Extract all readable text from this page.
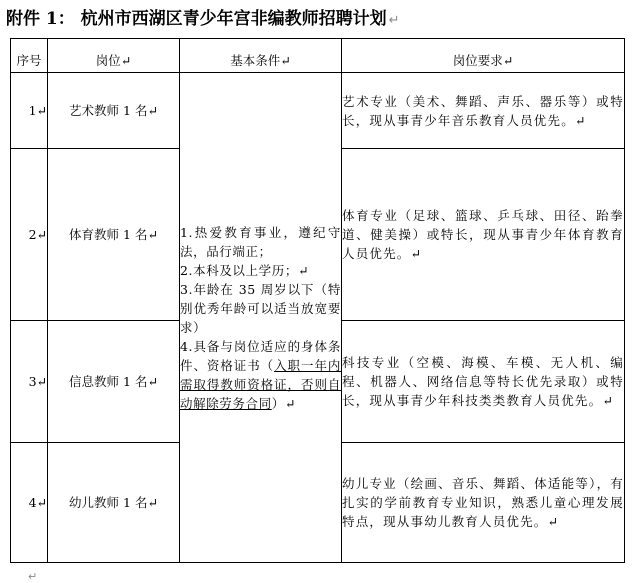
附件 1： 杭州市西湖区青少年宫非编教师招聘计划 ↵
序号	岗位↵	基本条件↵	岗位要求↵
1↵	艺术教师 1 名↵	1.热爱教育事业，遵纪守法，品行端正；

2.本科及以上学历；↵

3.年龄在 35 周岁以下（特别优秀年龄可以适当放宽要求）

4.具备与岗位适应的身体条件、资格证书（入职一年内需取得教师资格证，否则自动解除劳务合同）↵	艺术专业（美术、舞蹈、声乐、器乐等）或特长，现从事青少年音乐教育人员优先。↵
2↵	体育教师 1 名↵		体育专业（足球、篮球、乒乓球、田径、跆拳道、健美操）或特长，现从事青少年体育教育人员优先。↵
3↵	信息教师 1 名↵		科技专业（空模、海模、车模、无人机、编程、机器人、网络信息等特长优先录取）或特长，现从事青少年科技类类教育人员优先。↵
4↵	幼儿教师 1 名↵		幼儿专业（绘画、音乐、舞蹈、体适能等），有扎实的学前教育专业知识，熟悉儿童心理发展特点，现从事幼儿教育人员优先。↵
↵
